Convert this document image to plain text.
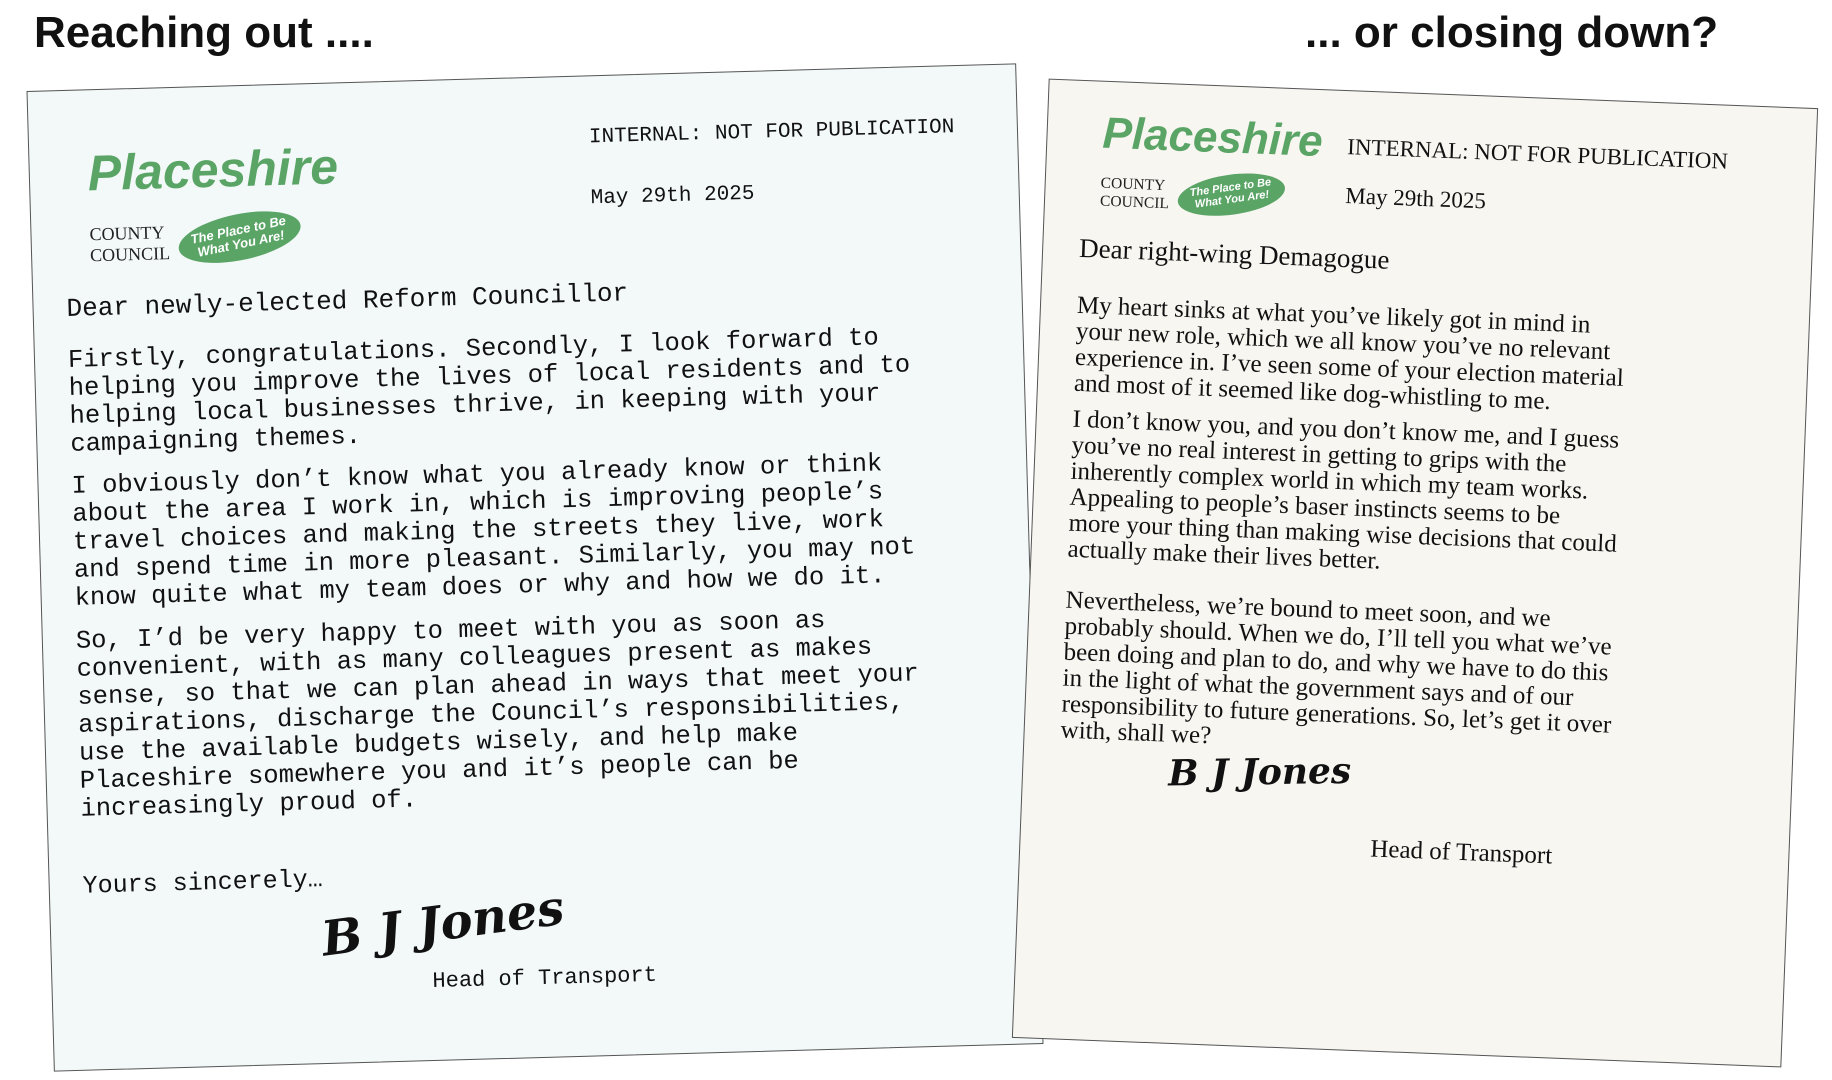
Reaching out ....	... or closing down?
Placeshire
COUNTY
COUNCIL
The Place to Be What You Are!
INTERNAL: NOT FOR PUBLICATION
May 29th 2025
Dear newly-elected Reform Councillor

Firstly, congratulations. Secondly, I look forward to
helping you improve the lives of local residents and to
helping local businesses thrive, in keeping with your
campaigning themes.

I obviously don’t know what you already know or think
about the area I work in, which is improving people’s
travel choices and making the streets they live, work
and spend time in more pleasant. Similarly, you may not
know quite what my team does or why and how we do it.

So, I’d be very happy to meet with you as soon as
convenient, with as many colleagues present as makes
sense, so that we can plan ahead in ways that meet your
aspirations, discharge the Council’s responsibilities,
use the available budgets wisely, and help make
Placeshire somewhere you and it’s people can be
increasingly proud of.

Yours sincerely…
B J Jones
Head of Transport
Placeshire
COUNTY
COUNCIL
The Place to Be What You Are!
INTERNAL: NOT FOR PUBLICATION
May 29th 2025
Dear right-wing Demagogue

My heart sinks at what you’ve likely got in mind in
your new role, which we all know you’ve no relevant
experience in. I’ve seen some of your election material
and most of it seemed like dog-whistling to me.

I don’t know you, and you don’t know me, and I guess
you’ve no real interest in getting to grips with the
inherently complex world in which my team works.
Appealing to people’s baser instincts seems to be
more your thing than making wise decisions that could
actually make their lives better.

Nevertheless, we’re bound to meet soon, and we
probably should. When we do, I’ll tell you what we’ve
been doing and plan to do, and why we have to do this
in the light of what the government says and of our
responsibility to future generations. So, let’s get it over
with, shall we?

B J Jones
Head of Transport
